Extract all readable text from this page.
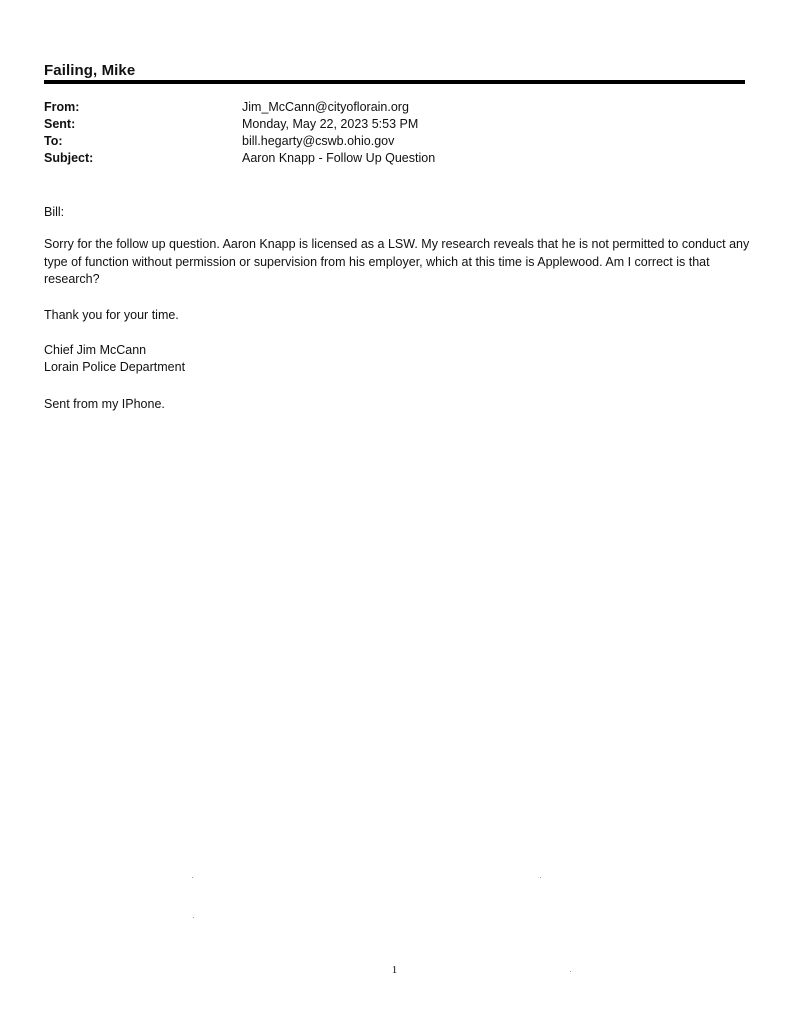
Failing, Mike
From:	Jim_McCann@cityoflorain.org
Sent:	Monday, May 22, 2023 5:53 PM
To:	bill.hegarty@cswb.ohio.gov
Subject:	Aaron Knapp - Follow Up Question
Bill:
Sorry for the follow up question. Aaron Knapp is licensed as a LSW. My research reveals that he is not permitted to conduct any type of function without permission or supervision from his employer, which at this time is Applewood. Am I correct is that research?
Thank you for your time.
Chief Jim McCann
Lorain Police Department
Sent from my IPhone.
1
